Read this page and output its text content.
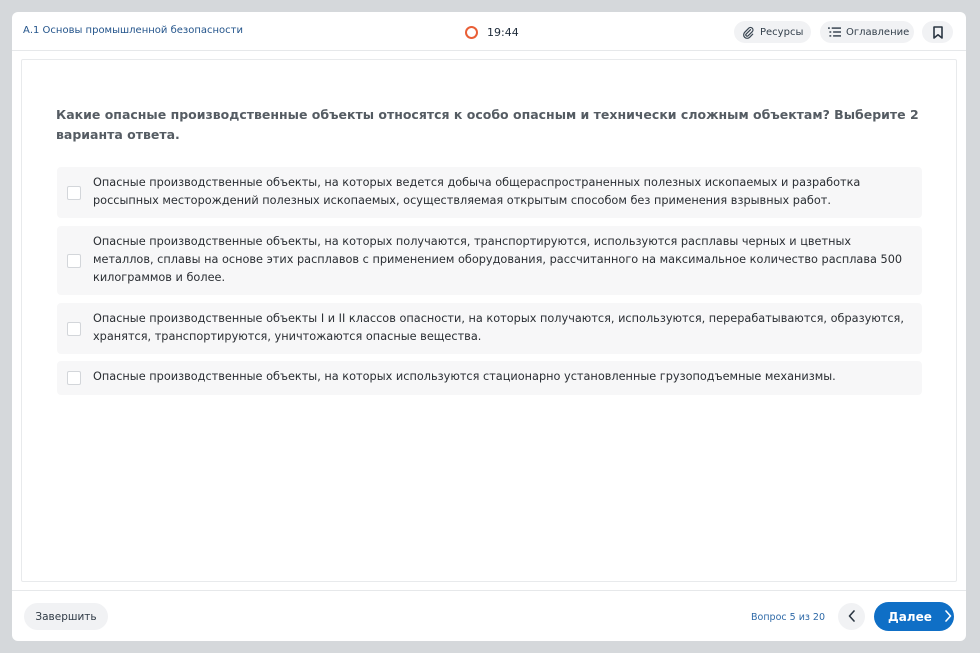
А.1 Основы промышленной безопасности	19:44	Ресурсы	Оглавление
Какие опасные производственные объекты относятся к особо опасным и технически сложным объектам? Выберите 2 варианта ответа.
Опасные производственные объекты, на которых ведется добыча общераспространенных полезных ископаемых и разработка россыпных месторождений полезных ископаемых, осуществляемая открытым способом без применения взрывных работ.
Опасные производственные объекты, на которых получаются, транспортируются, используются расплавы черных и цветных металлов, сплавы на основе этих расплавов с применением оборудования, рассчитанного на максимальное количество расплава 500 килограммов и более.
Опасные производственные объекты I и II классов опасности, на которых получаются, используются, перерабатываются, образуются, хранятся, транспортируются, уничтожаются опасные вещества.
Опасные производственные объекты, на которых используются стационарно установленные грузоподъемные механизмы.
Завершить	Вопрос 5 из 20	Далее
